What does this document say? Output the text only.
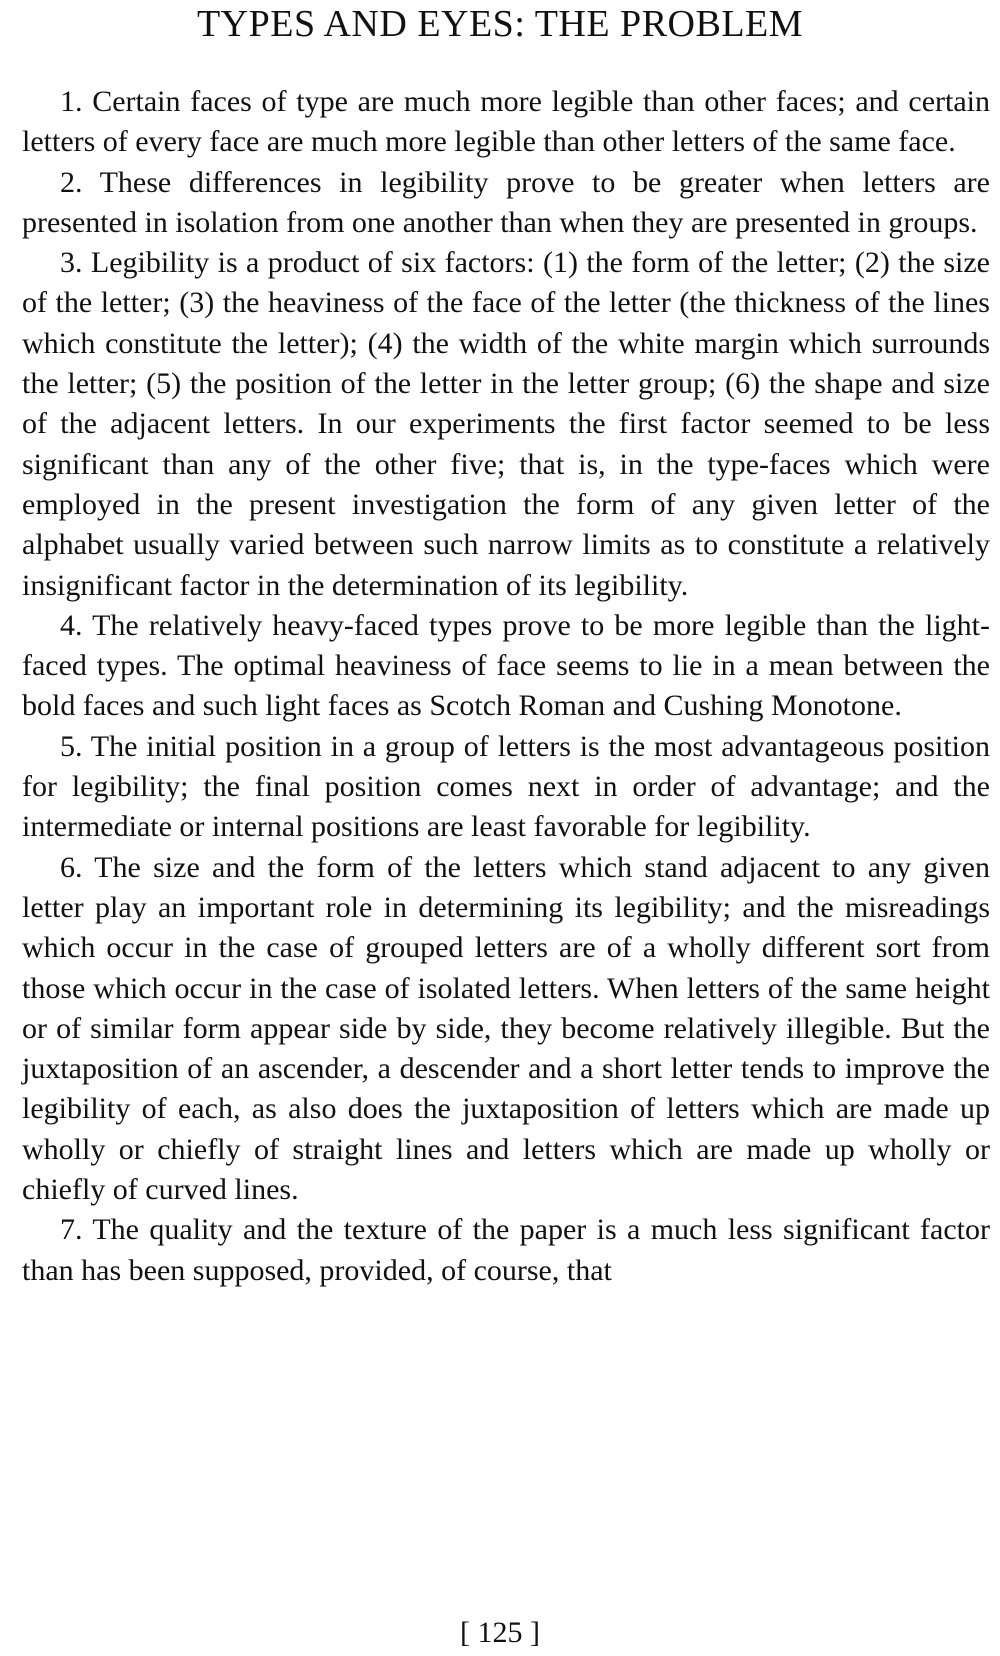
TYPES AND EYES: THE PROBLEM

1. Certain faces of type are much more legible than other faces; and certain letters of every face are much more legible than other letters of the same face.

2. These differences in legibility prove to be greater when letters are presented in isolation from one another than when they are presented in groups.

3. Legibility is a product of six factors: (1) the form of the letter; (2) the size of the letter; (3) the heaviness of the face of the letter (the thickness of the lines which constitute the letter); (4) the width of the white margin which surrounds the letter; (5) the position of the letter in the letter group; (6) the shape and size of the adjacent letters. In our experiments the first factor seemed to be less significant than any of the other five; that is, in the type-faces which were employed in the present investigation the form of any given letter of the alphabet usually varied between such narrow limits as to constitute a relatively insignificant factor in the determination of its legibility.

4. The relatively heavy-faced types prove to be more legible than the light-faced types. The optimal heaviness of face seems to lie in a mean between the bold faces and such light faces as Scotch Roman and Cushing Monotone.

5. The initial position in a group of letters is the most advantageous position for legibility; the final position comes next in order of advantage; and the intermediate or internal positions are least favorable for legibility.

6. The size and the form of the letters which stand adjacent to any given letter play an important role in determining its legibility; and the misreadings which occur in the case of grouped letters are of a wholly different sort from those which occur in the case of isolated letters. When letters of the same height or of similar form appear side by side, they become relatively illegible. But the juxtaposition of an ascender, a descender and a short letter tends to improve the legibility of each, as also does the juxtaposition of letters which are made up wholly or chiefly of straight lines and letters which are made up wholly or chiefly of curved lines.

7. The quality and the texture of the paper is a much less significant factor than has been supposed, provided, of course, that

[ 125 ]
